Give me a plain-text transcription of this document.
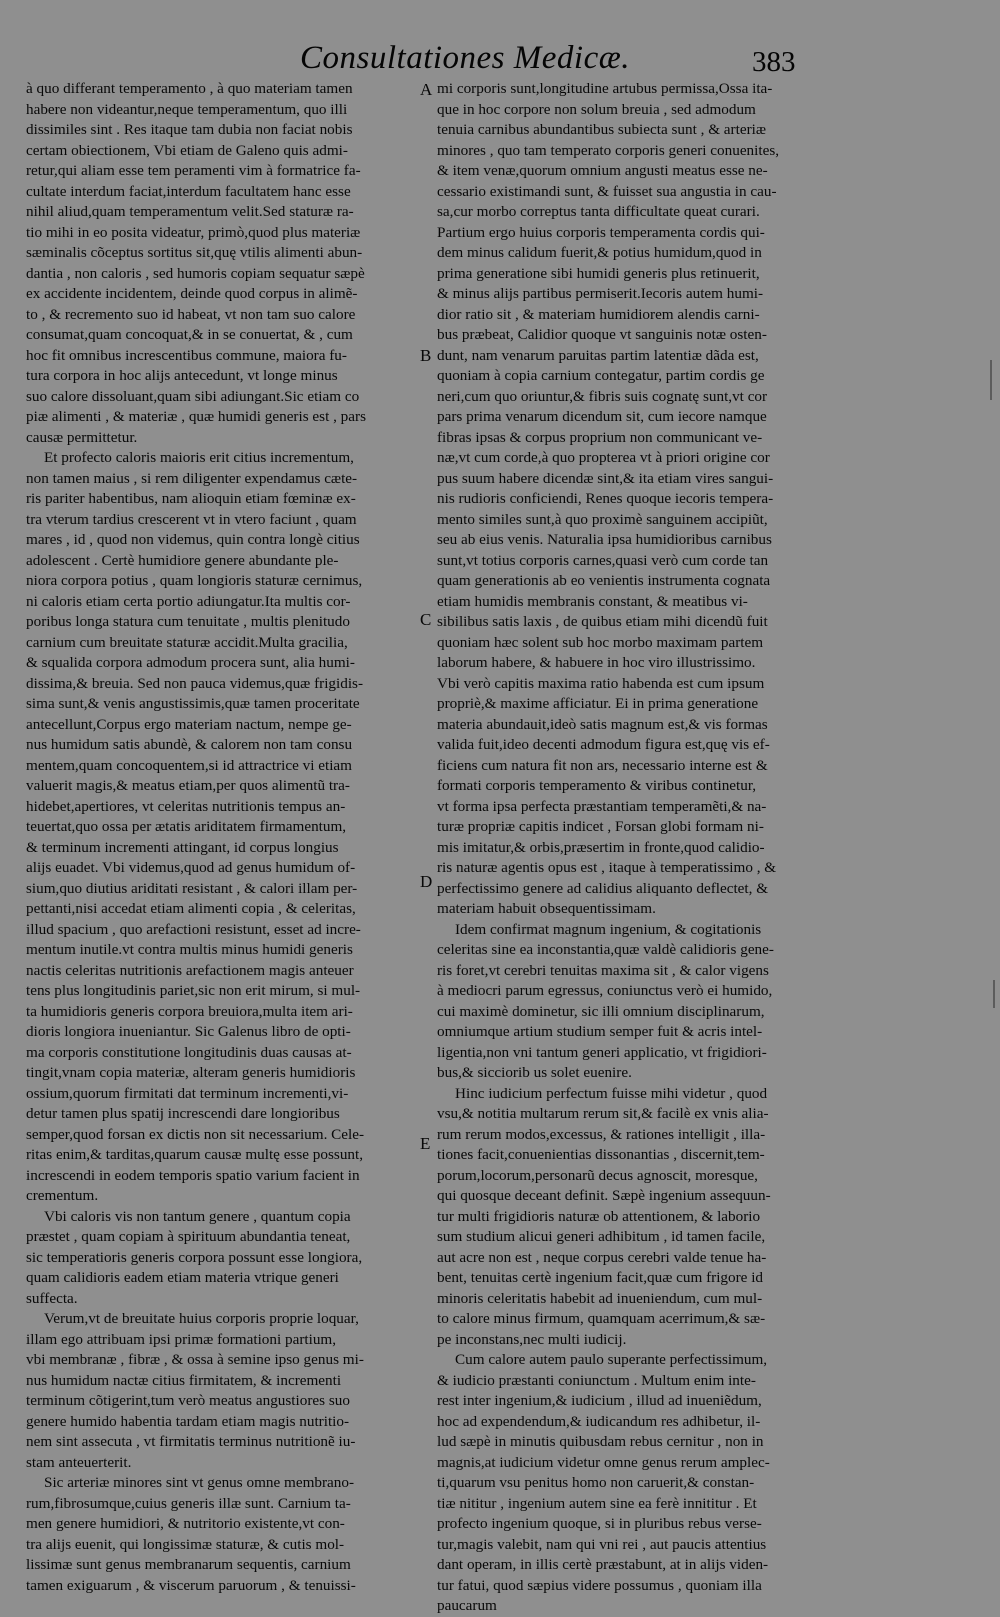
Consultationes Medicæ.	383
A
B
C
D
E
à quo differant temperamento , à quo materiam tamen
habere non videantur,neque temperamentum, quo illi
dissimiles sint . Res itaque tam dubia non faciat nobis
certam obiectionem, Vbi etiam de Galeno quis admi-
retur,qui aliam esse tem peramenti vim à formatrice fa-
cultate interdum faciat,interdum facultatem hanc esse
nihil aliud,quam temperamentum velit.Sed staturæ ra-
tio mihi in eo posita videatur, primò,quod plus materiæ
sæminalis cõceptus sortitus sit,quę vtilis alimenti abun-
dantia , non caloris , sed humoris copiam sequatur sæpè
ex accidente incidentem, deinde quod corpus in alimẽ-
to , & recremento suo id habeat, vt non tam suo calore
consumat,quam concoquat,& in se conuertat, & , cum
hoc fit omnibus increscentibus commune, maiora fu-
tura corpora in hoc alijs antecedunt, vt longe minus
suo calore dissoluant,quam sibi adiungant.Sic etiam co
piæ alimenti , & materiæ , quæ humidi generis est , pars
causæ permittetur.
Et profecto caloris maioris erit citius incrementum,
non tamen maius , si rem diligenter expendamus cæte-
ris pariter habentibus, nam alioquin etiam fœminæ ex-
tra vterum tardius crescerent vt in vtero faciunt , quam
mares , id , quod non videmus, quin contra longè citius
adolescent . Certè humidiore genere abundante ple-
niora corpora potius , quam longioris staturæ cernimus,
ni caloris etiam certa portio adiungatur.Ita multis cor-
poribus longa statura cum tenuitate , multis plenitudo
carnium cum breuitate staturæ accidit.Multa gracilia,
& squalida corpora admodum procera sunt, alia humi-
dissima,& breuia. Sed non pauca videmus,quæ frigidis-
sima sunt,& venis angustissimis,quæ tamen proceritate
antecellunt,Corpus ergo materiam nactum, nempe ge-
nus humidum satis abundè, & calorem non tam consu
mentem,quam concoquentem,si id attractrice vi etiam
valuerit magis,& meatus etiam,per quos alimentũ tra-
hidebet,apertiores, vt celeritas nutritionis tempus an-
teuertat,quo ossa per ætatis ariditatem firmamentum,
& terminum incrementi attingant, id corpus longius
alijs euadet. Vbi videmus,quod ad genus humidum of-
sium,quo diutius ariditati resistant , & calori illam per-
pettanti,nisi accedat etiam alimenti copia , & celeritas,
illud spacium , quo arefactioni resistunt, esset ad incre-
mentum inutile.vt contra multis minus humidi generis
nactis celeritas nutritionis arefactionem magis anteuer
tens plus longitudinis pariet,sic non erit mirum, si mul-
ta humidioris generis corpora breuiora,multa item ari-
dioris longiora inueniantur. Sic Galenus libro de opti-
ma corporis constitutione longitudinis duas causas at-
tingit,vnam copia materiæ, alteram generis humidioris
ossium,quorum firmitati dat terminum incrementi,vi-
detur tamen plus spatij increscendi dare longioribus
semper,quod forsan ex dictis non sit necessarium. Cele-
ritas enim,& tarditas,quarum causæ multę esse possunt,
increscendi in eodem temporis spatio varium facient in
crementum.
Vbi caloris vis non tantum genere , quantum copia
præstet , quam copiam à spirituum abundantia teneat,
sic temperatioris generis corpora possunt esse longiora,
quam calidioris eadem etiam materia vtrique generi
suffecta.
Verum,vt de breuitate huius corporis proprie loquar,
illam ego attribuam ipsi primæ formationi partium,
vbi membranæ , fibræ , & ossa à semine ipso genus mi-
nus humidum nactæ citius firmitatem, & incrementi
terminum cõtigerint,tum verò meatus angustiores suo
genere humido habentia tardam etiam magis nutritio-
nem sint assecuta , vt firmitatis terminus nutritionẽ iu-
stam anteuerterit.
Sic arteriæ minores sint vt genus omne membrano-
rum,fibrosumque,cuius generis illæ sunt. Carnium ta-
men genere humidiori, & nutritorio existente,vt con-
tra alijs euenit, qui longissimæ staturæ, & cutis mol-
lissimæ sunt genus membranarum sequentis, carnium
tamen exiguarum , & viscerum paruorum , & tenuissi-
mi corporis sunt,longitudine artubus permissa,Ossa ita-
que in hoc corpore non solum breuia , sed admodum
tenuia carnibus abundantibus subiecta sunt , & arteriæ
minores , quo tam temperato corporis generi conuenites,
& item venæ,quorum omnium angusti meatus esse ne-
cessario existimandi sunt, & fuisset sua angustia in cau-
sa,cur morbo correptus tanta difficultate queat curari.
Partium ergo huius corporis temperamenta cordis qui-
dem minus calidum fuerit,& potius humidum,quod in
prima generatione sibi humidi generis plus retinuerit,
& minus alijs partibus permiserit.Iecoris autem humi-
dior ratio sit , & materiam humidiorem alendis carni-
bus præbeat, Calidior quoque vt sanguinis notæ osten-
dunt, nam venarum paruitas partim latentiæ dãda est,
quoniam à copia carnium contegatur, partim cordis ge
neri,cum quo oriuntur,& fibris suis cognatę sunt,vt cor
pars prima venarum dicendum sit, cum iecore namque
fibras ipsas & corpus proprium non communicant ve-
næ,vt cum corde,à quo propterea vt à priori origine cor
pus suum habere dicendæ sint,& ita etiam vires sangui-
nis rudioris conficiendi, Renes quoque iecoris tempera-
mento similes sunt,à quo proximè sanguinem accipiũt,
seu ab eius venis. Naturalia ipsa humidioribus carnibus
sunt,vt totius corporis carnes,quasi verò cum corde tan
quam generationis ab eo venientis instrumenta cognata
etiam humidis membranis constant, & meatibus vi-
sibilibus satis laxis , de quibus etiam mihi dicendũ fuit
quoniam hæc solent sub hoc morbo maximam partem
laborum habere, & habuere in hoc viro illustrissimo.
Vbi verò capitis maxima ratio habenda est cum ipsum
propriè,& maxime afficiatur. Ei in prima generatione
materia abundauit,ideò satis magnum est,& vis formas
valida fuit,ideo decenti admodum figura est,quę vis ef-
ficiens cum natura fit non ars, necessario interne est &
formati corporis temperamento & viribus continetur,
vt forma ipsa perfecta præstantiam temperamẽti,& na-
turæ propriæ capitis indicet , Forsan globi formam ni-
mis imitatur,& orbis,præsertim in fronte,quod calidio-
ris naturæ agentis opus est , itaque à temperatissimo , &
perfectissimo genere ad calidius aliquanto deflectet, &
materiam habuit obsequentissimam.
Idem confirmat magnum ingenium, & cogitationis
celeritas sine ea inconstantia,quæ valdè calidioris gene-
ris foret,vt cerebri tenuitas maxima sit , & calor vigens
à mediocri parum egressus, coniunctus verò ei humido,
cui maximè dominetur, sic illi omnium disciplinarum,
omniumque artium studium semper fuit & acris intel-
ligentia,non vni tantum generi applicatio, vt frigidiori-
bus,& sicciorib us solet euenire.
Hinc iudicium perfectum fuisse mihi videtur , quod
vsu,& notitia multarum rerum sit,& facilè ex vnis alia-
rum rerum modos,excessus, & rationes intelligit , illa-
tiones facit,conuenientias dissonantias , discernit,tem-
porum,locorum,personarũ decus agnoscit, moresque,
qui quosque deceant definit. Sæpè ingenium assequun-
tur multi frigidioris naturæ ob attentionem, & laborio
sum studium alicui generi adhibitum , id tamen facile,
aut acre non est , neque corpus cerebri valde tenue ha-
bent, tenuitas certè ingenium facit,quæ cum frigore id
minoris celeritatis habebit ad inueniendum, cum mul-
to calore minus firmum, quamquam acerrimum,& sæ-
pe inconstans,nec multi iudicij.
Cum calore autem paulo superante perfectissimum,
& iudicio præstanti coniunctum . Multum enim inte-
rest inter ingenium,& iudicium , illud ad inueniẽdum,
hoc ad expendendum,& iudicandum res adhibetur, il-
lud sæpè in minutis quibusdam rebus cernitur , non in
magnis,at iudicium videtur omne genus rerum amplec-
ti,quarum vsu penitus homo non caruerit,& constan-
tiæ nititur , ingenium autem sine ea ferè innititur . Et
profecto ingenium quoque, si in pluribus rebus verse-
tur,magis valebit, nam qui vni rei , aut paucis attentius
dant operam, in illis certè præstabunt, at in alijs viden-
tur fatui, quod sæpius videre possumus , quoniam illa
paucarum
